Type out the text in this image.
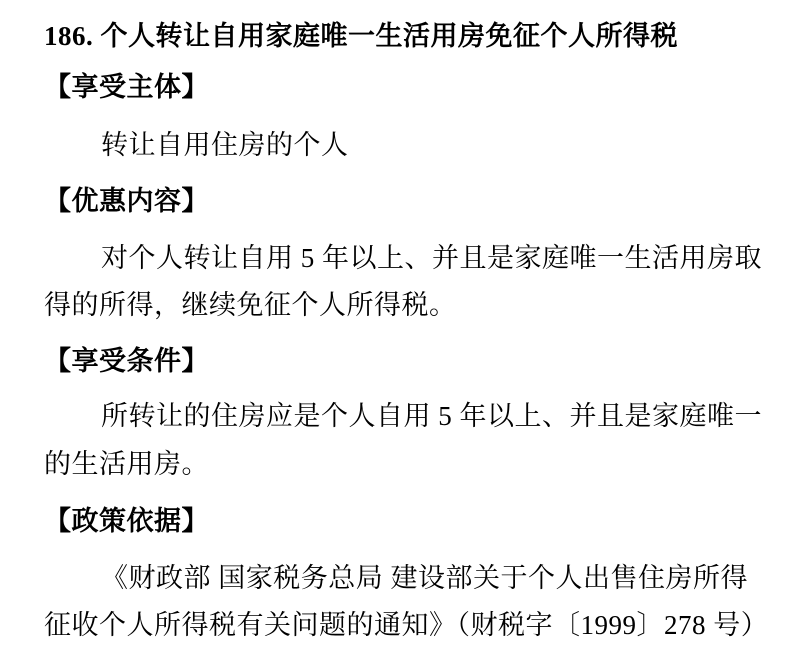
186. 个人转让自用家庭唯一生活用房免征个人所得税
【享受主体】
转让自用住房的个人
【优惠内容】
对个人转让自用 5 年以上、并且是家庭唯一生活用房取
得的所得，继续免征个人所得税。
【享受条件】
所转让的住房应是个人自用 5 年以上、并且是家庭唯一
的生活用房。
【政策依据】
《财政部 国家税务总局 建设部关于个人出售住房所得
征收个人所得税有关问题的通知》（财税字〔1999〕278 号）
